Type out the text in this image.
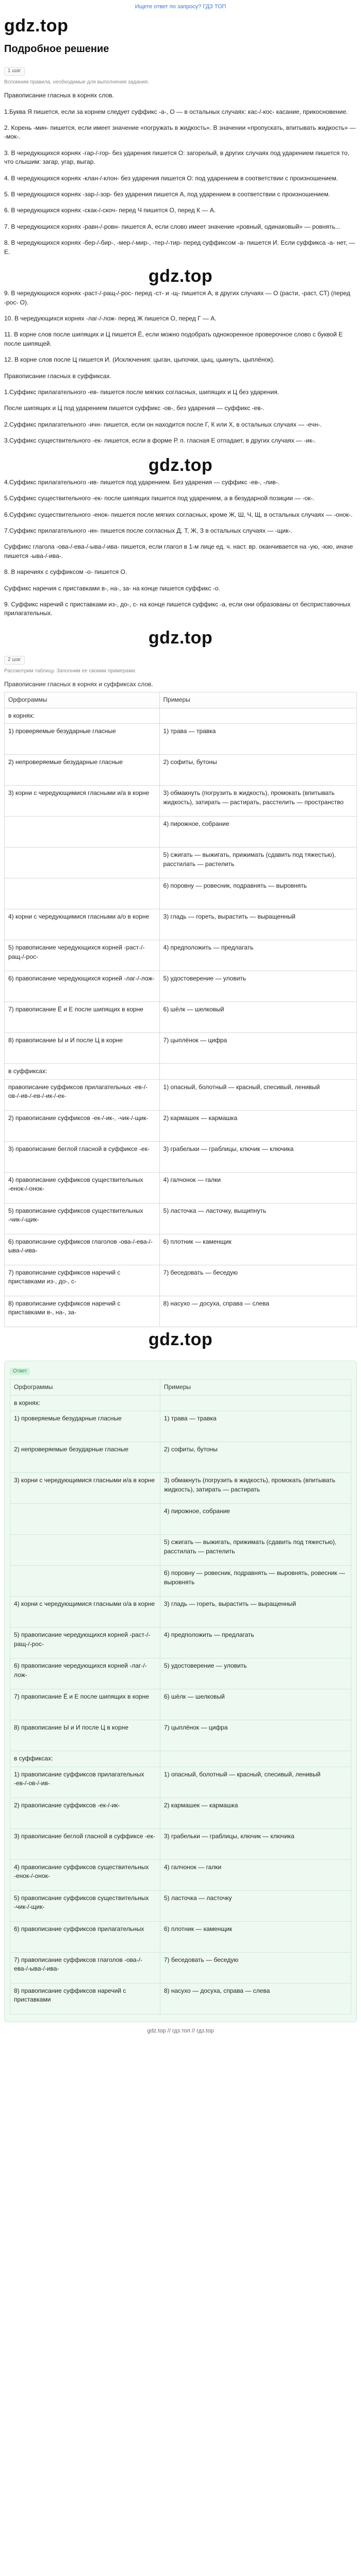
Ищете ответ по запросу? ГДЗ ТОП
gdz.top
Подробное решение
1 шаг
Вспомним правила, необходимые для выполнения задания.
Правописание гласных в корнях слов.
1.Буква Я пишется, если за корнем следует суффикс -а-, О — в остальных случаях: кас-/-кос- касание, прикосновение.
2. Корень -мин- пишется, если имеет значение «погружать в жидкость». В значении «пропускать, впитывать жидкость» — -мок-.
3. В чередующихся корнях -гар-/-гор- без ударения пишется О: загорелый, в других случаях под ударением пишется то, что слышим: загар, угар, выгар.
4. В чередующихся корнях -клан-/-клон- без ударения пишется О: под ударением в соответствии с произношением.
5. В чередующихся корнях -зар-/-зор- без ударения пишется А, под ударением в соответствии с произношением.
6. В чередующихся корнях -скак-/-скоч- перед Ч пишется О, перед К — А.
7. В чередующихся корнях -равн-/-ровн- пишется А, если слово имеет значение «ровный, одинаковый» — ровнять...
8. В чередующихся корнях -бер-/-бир-, -мер-/-мир-, -тер-/-тир- перед суффиксом -а- пишется И. Если суффикса -а- нет, — Е.
gdz.top
9. В чередующихся корнях -раст-/-ращ-/-рос- перед -ст- и -щ- пишется А, в других случаях — О (расти, -раст, СТ) (перед -рос- О).
10. В чередующихся корнях -лаг-/-лож- перед Ж пишется О, перед Г — А.
11. В корне слов после шипящих и Ц пишется Ё, если можно подобрать однокоренное проверочное слово с буквой Е после шипящей.
12. В корне слов после Ц пишется И. (Исключения: цыган, цыпочки, цыц, цыкнуть, цыплёнок).
Правописание гласных в суффиксах.
1.Суффикс прилагательного -ев- пишется после мягких согласных, шипящих и Ц без ударения.
После шипящих и Ц под ударением пишется суффикс -ов-, без ударения — суффикс -ев-.
2.Суффикс прилагательного -ичн- пишется, если он находится после Г, К или Х, в остальных случаях — -ечн-.
3.Суффикс существительного -ек- пишется, если в форме Р. п. гласная Е отпадает, в других случаях — -ик-.
gdz.top
4.Суффикс прилагательного -ив- пишется под ударением. Без ударения — суффикс -ев-, -лив-.
5.Суффикс существительного -ек- после шипящих пишется под ударением, а в безударной позиции — -ок-.
6.Суффикс существительного -енок- пишется после мягких согласных, кроме Ж, Ш, Ч, Щ, в остальных случаях — -онок-.
7.Суффикс прилагательного -ин- пишется после согласных Д, Т, Ж, З в остальных случаях — -щик-.
Суффикс глагола -ова-/-ева-/-ыва-/-ива- пишется, если глагол в 1-м лице ед. ч. наст. вр. оканчивается на -ую, -юю, иначе пишется -ыва-/-ива-.
8. В наречиях с суффиксом -о- пишется О.
Суффикс наречия с приставками в-, на-, за- на конце пишется суффикс -о.
9. Суффикс наречий с приставками из-, до-, с- на конце пишется суффикс -а, если они образованы от бесприставочных прилагательных.
gdz.top
2 шаг
Рассмотрим таблицу. Заполним ее своими примерами.
Правописание гласных в корнях и суффиксах слов.
Орфограммы	Примеры
в корнях:	
1) проверяемые безударные гласные	1) трава — травка
2) непроверяемые безударные гласные	2) софиты, бутоны
3) корни с чередующимися гласными и/а в корне	3) обмакнуть (погрузить в жидкость), промокать (впитывать жидкость), затирать — растирать, расстелить — пространство
	4) пирожное, собрание
	5) сжигать — выжигать, прижимать (сдавить под тяжестью), расстилать — растелить
	6) поровну — ровесник, подравнять — выровнять
4) корни с чередующимися гласными а/о в корне	3) гладь — гореть, вырастить — выращенный
5) правописание чередующихся корней -раст-/-ращ-/-рос-	4) предположить — предлагать
6) правописание чередующихся корней -лаг-/-лож-	5) удостоверение — уловить
7) правописание Ё и Е после шипящих в корне	6) шёлк — шелковый
8) правописание Ы и И после Ц в корне	7) цыплёнок — цифра
в суффиксах:	
правописание суффиксов прилагательных -ев-/-ов-/-ив-/-ев-/-ик-/-ек-	1) опасный, болотный — красный, спесивый, ленивый
2) правописание суффиксов -ек-/-ик-, -чик-/-щик-	2) кармашек — кармашка
3) правописание беглой гласной в суффиксе -ек-	3) грабельки — граблицы, ключик — ключика
4) правописание суффиксов существительных -енок-/-онок-	4) галчонок — галки
5) правописание суффиксов существительных -чик-/-щик-	5) ласточка — ласточку, выщипнуть
6) правописание суффиксов глаголов -ова-/-ева-/-ыва-/-ива-	6) плотник — каменщик
7) правописание суффиксов наречий с приставками из-, до-, с-	7) беседовать — беседую
8) правописание суффиксов наречий с приставками в-, на-, за-	8) насухо — досуха, справа — слева
gdz.top
Ответ
Орфограммы	Примеры
в корнях:	
1) проверяемые безударные гласные	1) трава — травка
2) непроверяемые безударные гласные	2) софиты, бутоны
3) корни с чередующимися гласными и/а в корне	3) обмакнуть (погрузить в жидкость), промокать (впитывать жидкость), затирать — растирать
	4) пирожное, собрание
	5) сжигать — выжигать, прижимать (сдавить под тяжестью), расстилать — растелить
	6) поровну — ровесник, подравнять — выровнять, ровесник — выровнять
4) корни с чередующимися гласными о/а в корне	3) гладь — гореть, вырастить — выращенный
5) правописание чередующихся корней -раст-/-ращ-/-рос-	4) предположить — предлагать
6) правописание чередующихся корней -лаг-/-лож-	5) удостоверение — уловить
7) правописание Ё и Е после шипящих в корне	6) шёлк — шелковый
8) правописание Ы и И после Ц в корне	7) цыплёнок — цифра
в суффиксах:	
1) правописание суффиксов прилагательных -ев-/-ов-/-ив-	1) опасный, болотный — красный, спесивый, ленивый
2) правописание суффиксов -ек-/-ик-	2) кармашек — кармашка
3) правописание беглой гласной в суффиксе -ек-	3) грабельки — граблицы, ключик — ключика
4) правописание суффиксов существительных -енок-/-онок-	4) галчонок — галки
5) правописание суффиксов существительных -чик-/-щик-	5) ласточка — ласточку
6) правописание суффиксов прилагательных	6) плотник — каменщик
7) правописание суффиксов глаголов -ова-/-ева-/-ыва-/-ива-	7) беседовать — беседую
8) правописание суффиксов наречий с приставками	8) насухо — досуха, справа — слева
gdz.top // гдз.топ // гдз.top
